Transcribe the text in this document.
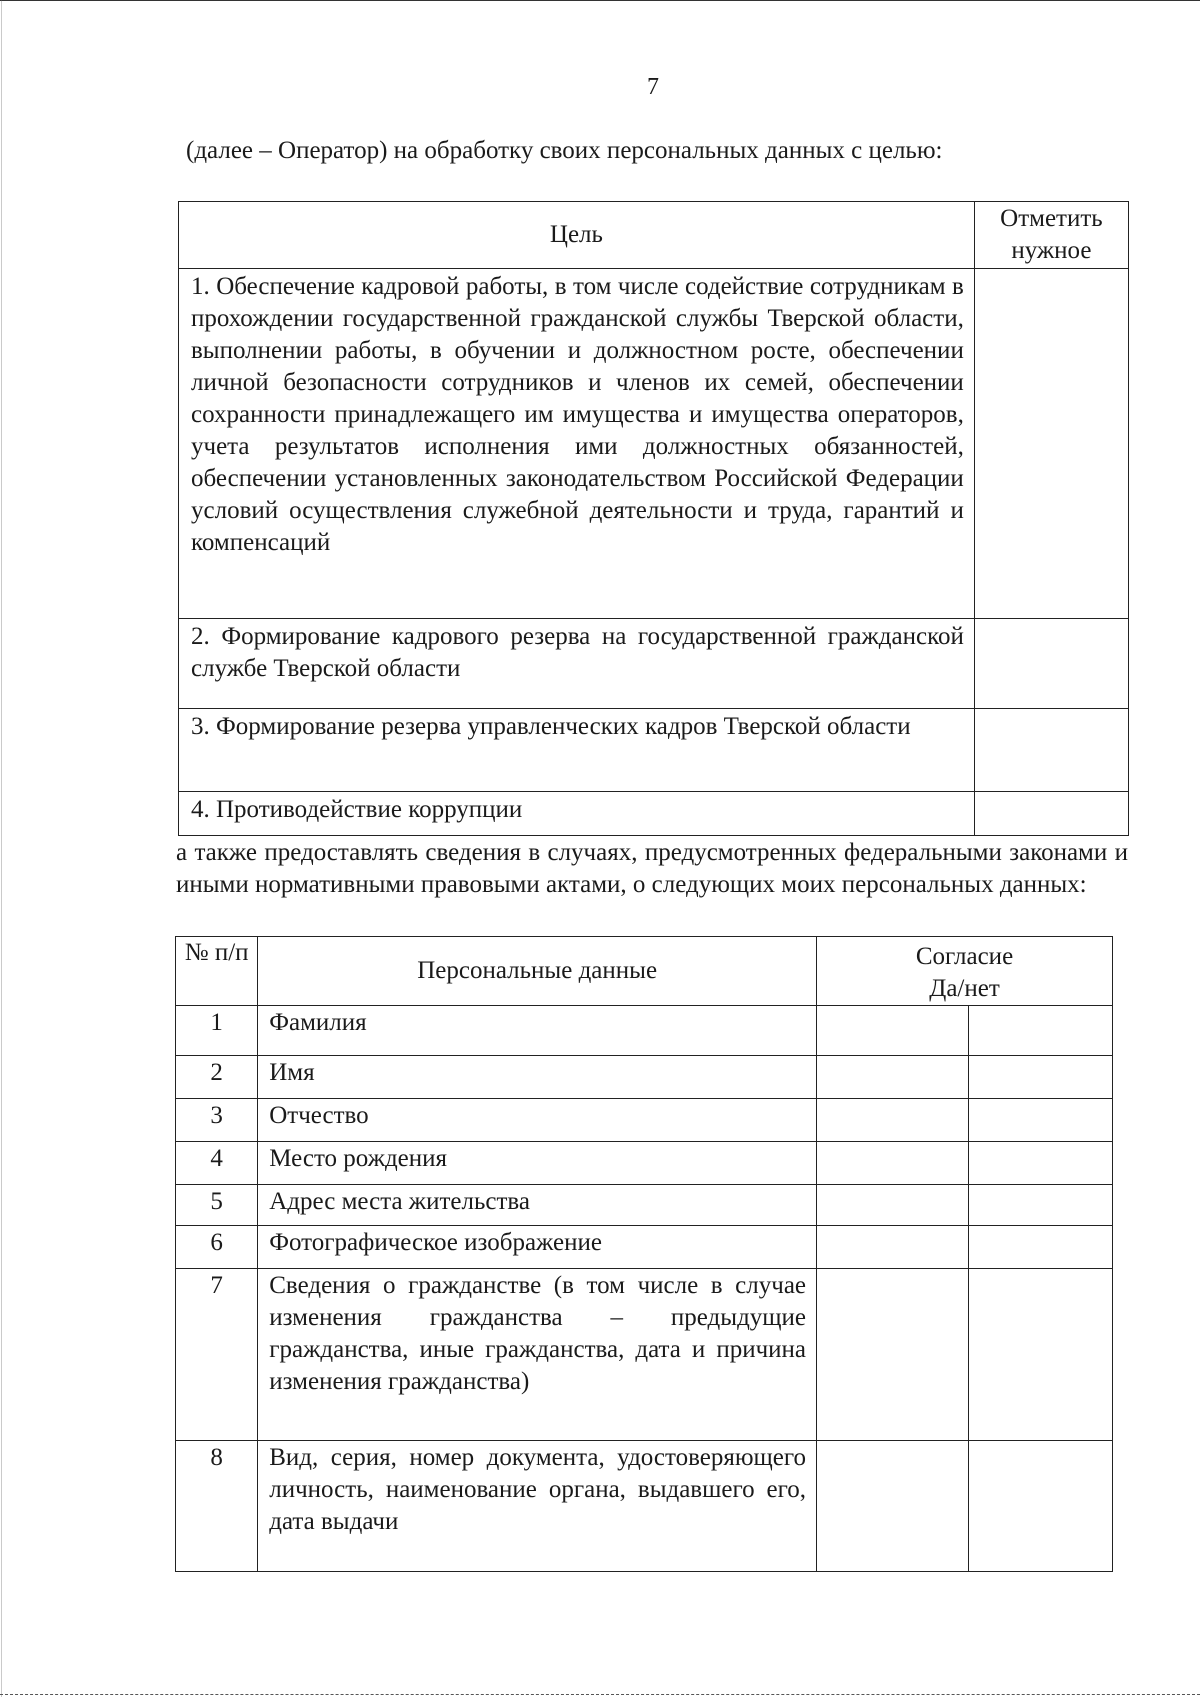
7
(далее – Оператор) на обработку своих персональных данных с целью:
Цель	Отметить нужное
1. Обеспечение кадровой работы, в том числе содействие сотрудникам в прохождении государственной гражданской службы Тверской области, выполнении работы, в обучении и должностном росте, обеспечении личной безопасности сотрудников и членов их семей, обеспечении сохранности принадлежащего им имущества и имущества операторов, учета результатов исполнения ими должностных обязанностей, обеспечении установленных законодательством Российской Федерации условий осуществления служебной деятельности и труда, гарантий и компенсаций	
2. Формирование кадрового резерва на государственной гражданской службе Тверской области	
3. Формирование резерва управленческих кадров Тверской области	
4. Противодействие коррупции	
а также предоставлять сведения в случаях, предусмотренных федеральными законами и иными нормативными правовыми актами, о следующих моих персональных данных:
№ п/п	Персональные данные	Согласие
Да/нет	

1	Фамилия		
2	Имя		
3	Отчество		
4	Место рождения		
5	Адрес места жительства		
6	Фотографическое изображение		
7	Сведения о гражданстве (в том числе в случае изменения гражданства – предыдущие гражданства, иные гражданства, дата и причина изменения гражданства)		
8	Вид, серия, номер документа, удостоверяющего личность, наименование органа, выдавшего его, дата выдачи		
